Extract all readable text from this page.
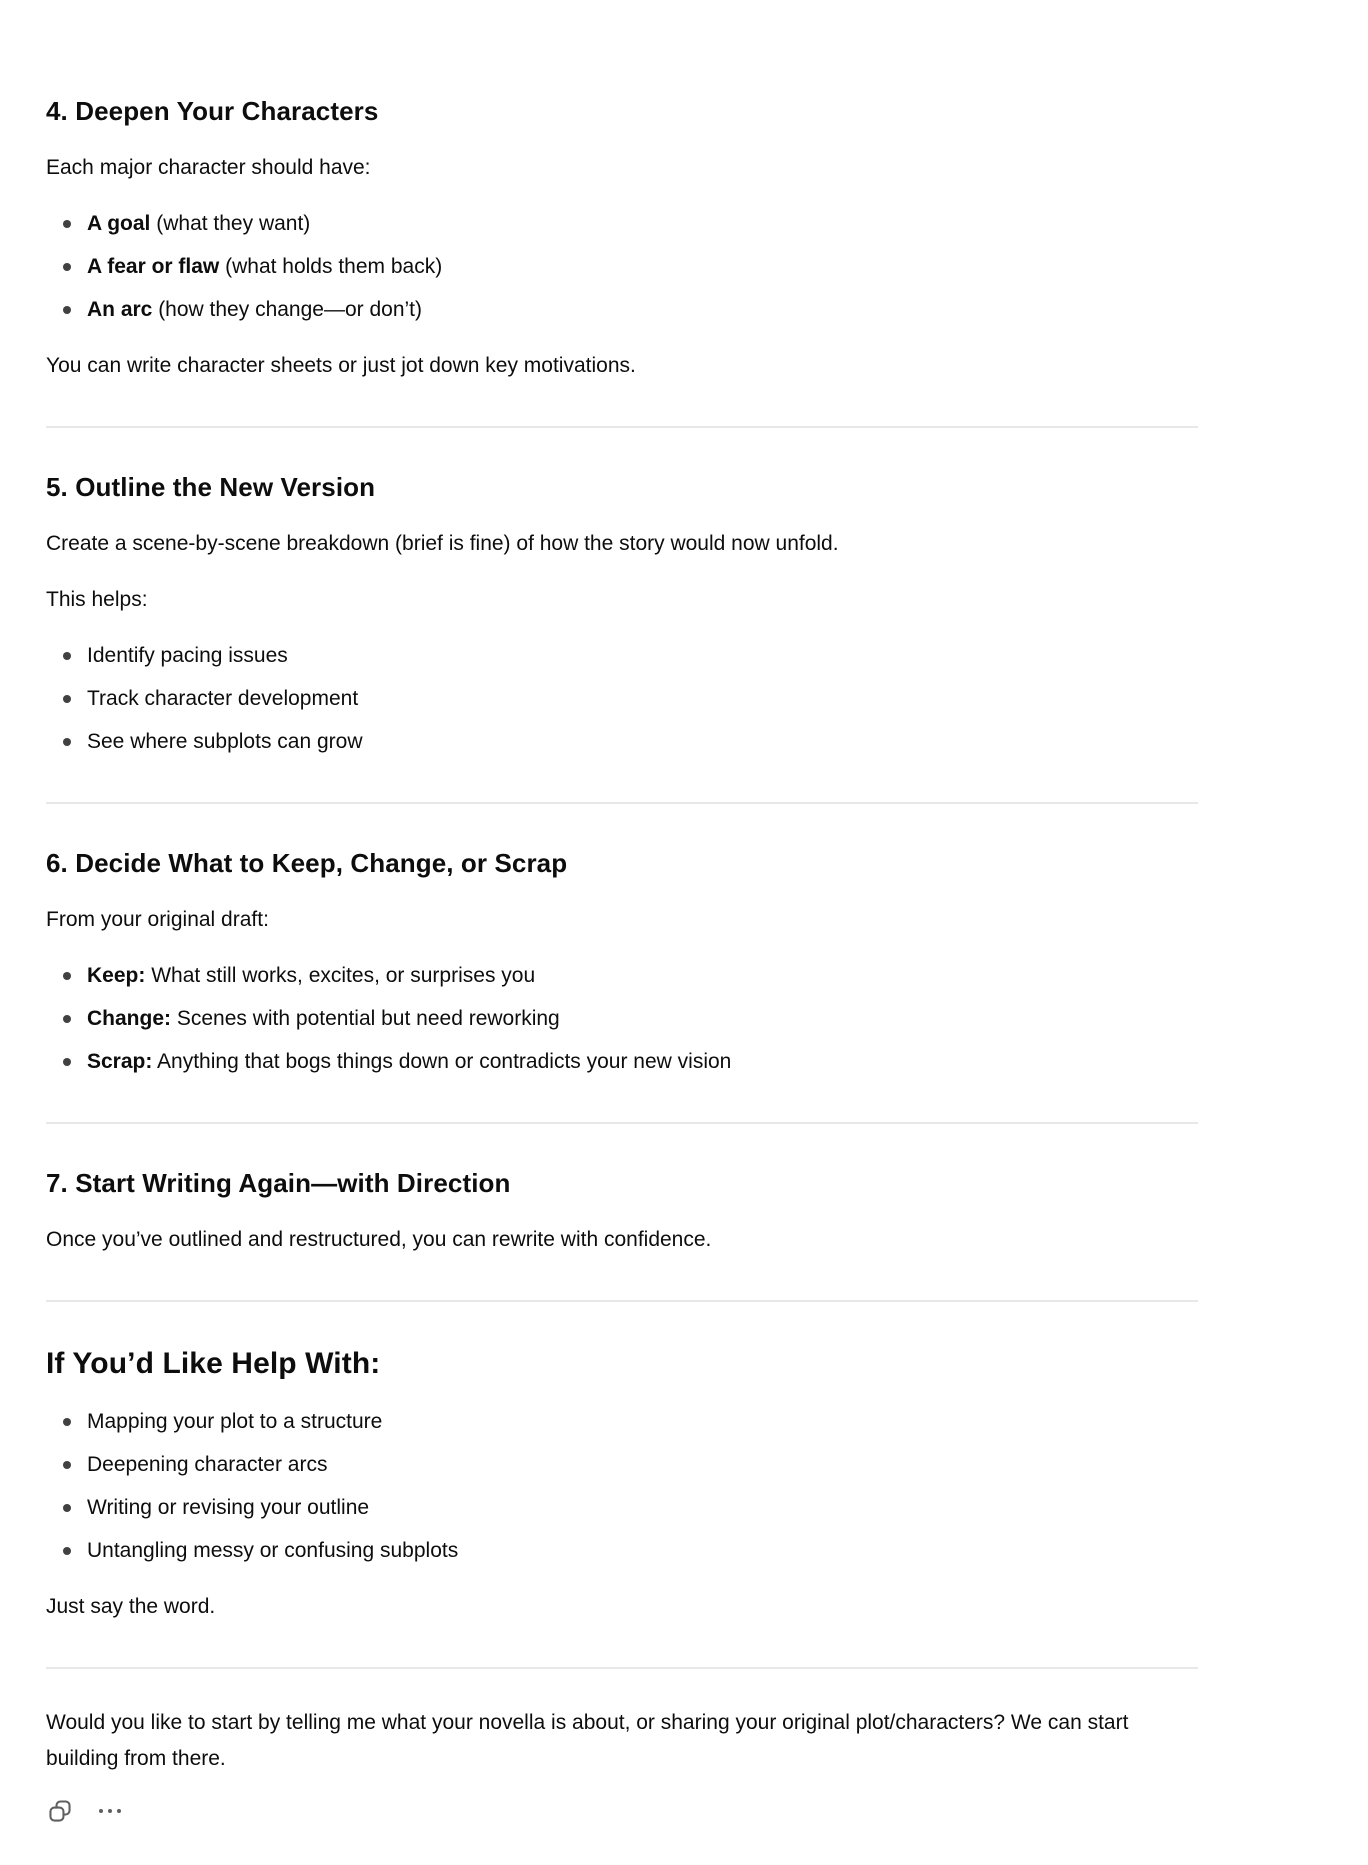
4. Deepen Your Characters

Each major character should have:

A goal (what they want)
A fear or flaw (what holds them back)
An arc (how they change—or don’t)

You can write character sheets or just jot down key motivations.

5. Outline the New Version

Create a scene-by-scene breakdown (brief is fine) of how the story would now unfold.

This helps:

Identify pacing issues
Track character development
See where subplots can grow
6. Decide What to Keep, Change, or Scrap

From your original draft:

Keep: What still works, excites, or surprises you
Change: Scenes with potential but need reworking
Scrap: Anything that bogs things down or contradicts your new vision
7. Start Writing Again—with Direction

Once you’ve outlined and restructured, you can rewrite with confidence.

If You’d Like Help With:
Mapping your plot to a structure
Deepening character arcs
Writing or revising your outline
Untangling messy or confusing subplots

Just say the word.

Would you like to start by telling me what your novella is about, or sharing your original plot/characters? We can start building from there.
